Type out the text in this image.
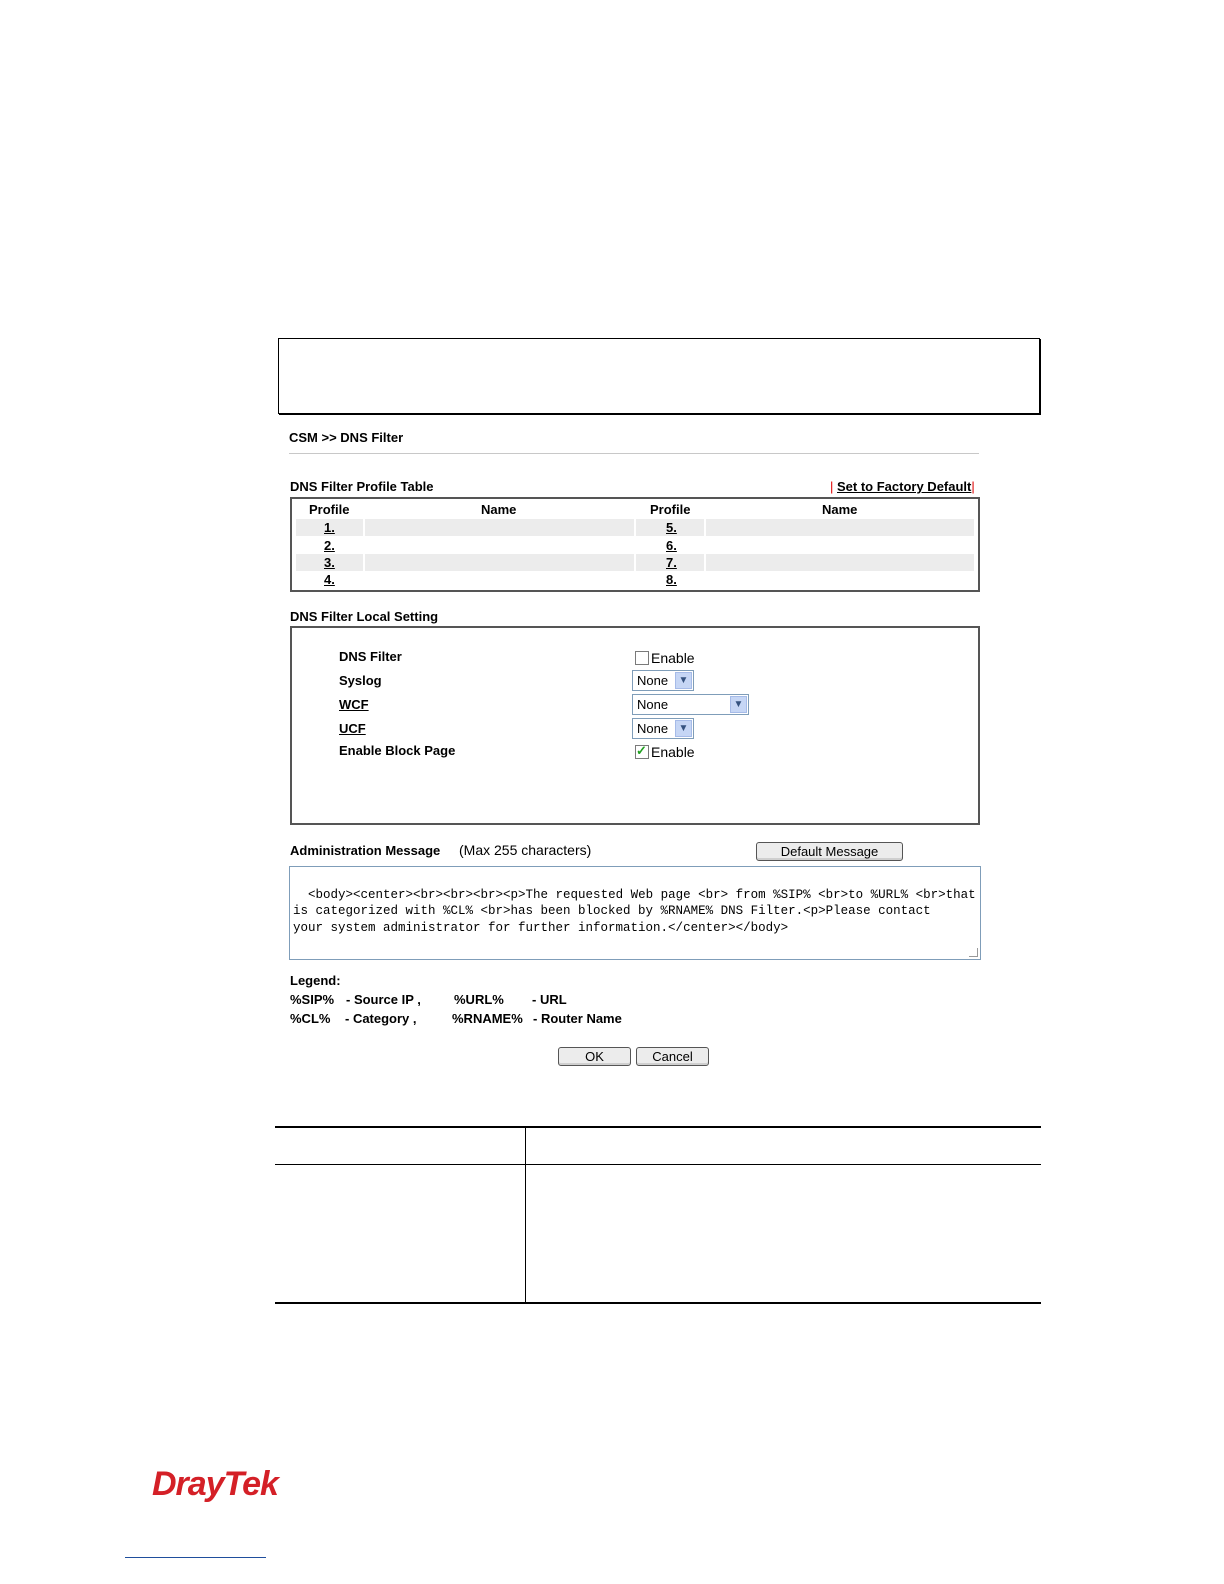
CSM >> DNS Filter
DNS Filter Profile Table	| Set to Factory Default|
Profile	Name	Profile	Name
1.	5.
2.	6.
3.	7.
4.	8.
DNS Filter Local Setting
DNS Filter	Enable
Syslog	None	▼
WCF	None	▼
UCF	None	▼
Enable Block Page	✓ Enable
Administration Message (Max 255 characters)	Default Message

<body><center><br><br><br><p>The requested Web page <br> from %SIP% <br>to %URL% <br>that
is categorized with %CL% <br>has been blocked by %RNAME% DNS Filter.<p>Please contact
your system administrator for further information.</center></body>

Legend:
%SIP% - Source IP ,	%URL% - URL
%CL% - Category ,	%RNAME% - Router Name
OK	Cancel
DrayTek
